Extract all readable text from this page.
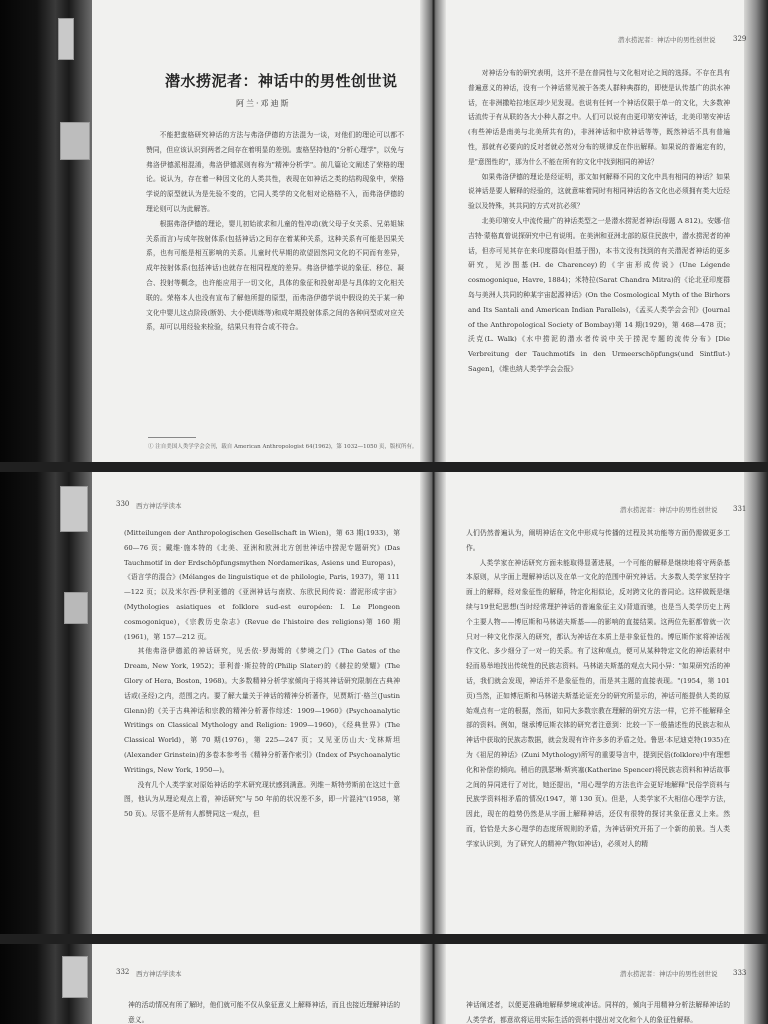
潜水捞泥者：神话中的男性创世说	329
潜水捞泥者：神话中的男性创世说
阿兰·邓迪斯

不能把蛮格研究神话的方法与弗洛伊德的方法混为一谈，对他们的理论可以都不赞同，但应该认识到两者之间存在着明显的差别。蛮格坚持他的"分析心理学"，以免与弗洛伊德派相混淆，弗洛伊德派则有称为"精神分析学"。前几篇论文阐述了荣格的理论。说认为，存在着一种因文化的人类共性，表现在如神话之类的结构现象中，荣格学说的原型就认为是先验不变的，它同人类学的文化相对论格格不入，而弗洛伊德的理论则可以为此解答。

根据弗洛伊德的理论，婴儿初始欲求和儿童的性冲动(就父母子女关系、兄弟姐妹关系而言)与成年按射体系(包括神话)之间存在着某种关系，这种关系有可能是因果关系，也有可能是相互影响的关系。儿童时代早期的欲望固然同文化的不同而有差异，成年按射体系(包括神话)也就存在相同程度的差异。弗洛伊德学说的象征、移位、凝合、投射等概念，也许能应用于一切文化，具体的象征和投射却是与具体的文化相关联的。荣格本人也没有宣布了解他所提的原型，而弗洛伊德学说中假设的关于某一种文化中婴儿这点阶段(断奶、大小便训练等)和成年期投射体系之间的各种问型或对应关系，却可以用经验来检验，结果只有符合或不符合。

① 注自美国人类学学会会刊，载自 American Anthropologist 64(1962)，第 1032—1050 页，版权所有。

对神话分布的研究表明，这并不是在普同性与文化相对论之间的选择。不存在具有普遍意义的神话，没有一个神话常见被于各类人群种典群的，即使是认传基广的洪水神话，在非洲撒哈拉地区却少见发现。也说有任何一个神话仅限于单一的文化，大多数神话流传于有从联的各大小种人群之中。人们可以说有由更印第安神话，北美印第安神话(有些神话是南美与北美所共有的)，非洲神话和中欧神话等等，既然神话不具有普遍性，那就有必要向的反对者就必然对分布的规律反在作出解释。如果说的普遍定有的，是"意图性的"，那为什么不能在所有的文化中找到相同的神话？

如果弗洛伊德的理论是经证明，那文如何解释不同的文化中具有相同的神话？如果说神话是要人解释的经验的，这就意味着同时有相同神话的各文化也必须拥有类大近经验以及特殊，其共同的方式对抗必须？

北美印第安人中流传最广的神话类型之一是潜水捞泥者神话(母题 A 812)。安娜·信吉特·蒙格真曾说探研究中已有说明。在美洲和亚洲北部的原住民族中，潜水捞泥者的神话，但亦可见其存在来印度群岛(但基于图)，本书文没有找到的有关潜泥者神话的更多研究，见沙图基(H. de Charencey)的《宇宙形成传说》(Une Légende cosmogonique, Havre, 1884)；米特拉(Sarat Chandra Mitra)的《论北亚印度群岛与美洲人共同的种某宇宙起源神话》(On the Cosmological Myth of the Birhors and Its Santali and American Indian Parallels)，《孟买人类学会会刊》(Journal of the Anthropological Society of Bombay)第 14 期(1929)，第 468—478 页；沃克(L. Walk)《水中捞泥的潜水者传说中关于捞泥专题的流传分布》[Die Verbreitung der Tauchmotifs in den Urmeerschöpfungs(und Sintflut-) Sagen]，《维也纳人类学学会会报》

330 西方神话学读本	潜水捞泥者：神话中的男性创世说 331

(Mitteilungen der Anthropologischen Gesellschaft in Wien)，第 63 期(1933)，第 60—76 页；戴维·施本特的《北美、亚洲和欧洲北方创世神话中捞泥专题研究》(Das Tauchmotif in der Erdschöpfungsmythen Nordamerikas, Asiens und Europas)，《语言学的混合》(Mélanges de linguistique et de philologie, Paris, 1937)，第 111—122 页；以及米尔西·伊利亚德的《亚洲神话与南欧、东欧民间传说：潜泥形成宇宙》(Mythologies asiatiques et folklore sud-est européen: I. Le Plongeon cosmogonique)，《宗教历史杂志》(Revue de l'histoire des religions)第 160 期(1961)，第 157—212 页。

其他弗洛伊德派的神话研究，见丢依·罗海姆的《梦境之门》(The Gates of the Dream, New York, 1952)；菲利普·斯拉特的(Philip Slater)的《赫拉的荣耀》(The Glory of Hera, Boston, 1968)。大多数精神分析学家倾向于将其神话研究限制在古典神话或(圣经)之内，范围之内。要了解大量关于神话的精神分析著作，见贾斯汀·格兰(Justin Glenn)的《关于古典神话和宗教的精神分析著作综述：1909—1960》(Psychoanalytic Writings on Classical Mythology and Religion: 1909—1960)，《经典世界》(The Classical World)，第 70 期(1976)，第 225—247 页；又见亚历山大·戈林斯坦(Alexander Grinstein)的多卷本参考书《精神分析著作索引》(Index of Psychoanalytic Writings, New York, 1950—)。

没有几个人类学家对原始神话的学术研究现状感到满意。列维－斯特劳斯前在这过十意图，他认为从理论观点上看，神话研究"与 50 年前的状况差不多，即一片混沌"(1958，第 50 页)。尽管不是所有人都赞同这一观点，但

人们仍然普遍认为，阐明神话在文化中形成与传播的过程及其功能等方面仍需做更多工作。

人类学家在神话研究方面未能取得显著进展，一个可能的解释是继续地将守两条基本原则，从字面上理解神话以及在单一文化的范围中研究神话。大多数人类学家坚持字面上的解释，经对象征性的解释，特定化相似论，反对跨文化的普同论。这样做既是继续与19世纪思想(当时经常理护神话的普遍象征主义)背道而驰，也是当人类学历史上两个主要人物——博厄斯和马林诺夫斯基——的影响的直接结果。这两位先驱都曾就一次只对一种文化作深入的研究，都认为神话在本质上是非象征性的。博厄斯作家将神话视作文化、多少细分了一对一的关系。有了这种观点，便可从某种特定文化的神话素材中轻而易举地找出传统性的民族志资料。马林诺夫斯基的观点大同小异："如果研究活的神话，我们就会发现，神话并不是象征性的，而是其主题的直接表现。"(1954，第 101 页)当然，正如博厄斯和马林诺夫斯基论证充分的研究所显示的，神话可能提供人类的原始观点有一定的根据，然而，如同大多数宗教在理解的研究方法一样，它并不能解释全部的资料。例如，继承博厄斯衣钵的研究者注意到：比较一下一般描述性的民族志和从神话中获取的民族志数据，就会发现有许许多多的矛盾之处。鲁思·本尼迪克特(1935)在为《祖尼的神话》(Zuni Mythology)所写的重要导言中，提到民俗(folklore)中有理想化和补偿的倾向。稍后的凯瑟琳·斯宾塞(Katherine Spencer)将民族志资料和神话故事之间的异同进行了对比，她还提出，"用心理学的方法也许会更好地解释"民俗学资料与民族学资料相矛盾的情况(1947，第 130 页)。但是，人类学家不大相信心理学方法，因此，现在的趋势仍然是从字面上解释神话，还仅有很特的探讨其象征意义上来。然而，恰恰是大多心理学的态度所规则的矛盾，为神话研究开拓了一个新的前景。当人类学家认识到，为了研究人的精神产物(如神话)，必须对人的精

332 西方神话学读本	潜水捞泥者：神话中的男性创世说 333

神的活动情况有所了解时，他们就可能不仅从象征意义上解释神话，而且也接近理解神话的意义。

神话阐述者，以便更准确地解释梦境或神话。同样的，倾向于用精神分析法解释神话的人类学者，都意欲将运用实际生活的资料中提出对文化和个人的象征性解释。
